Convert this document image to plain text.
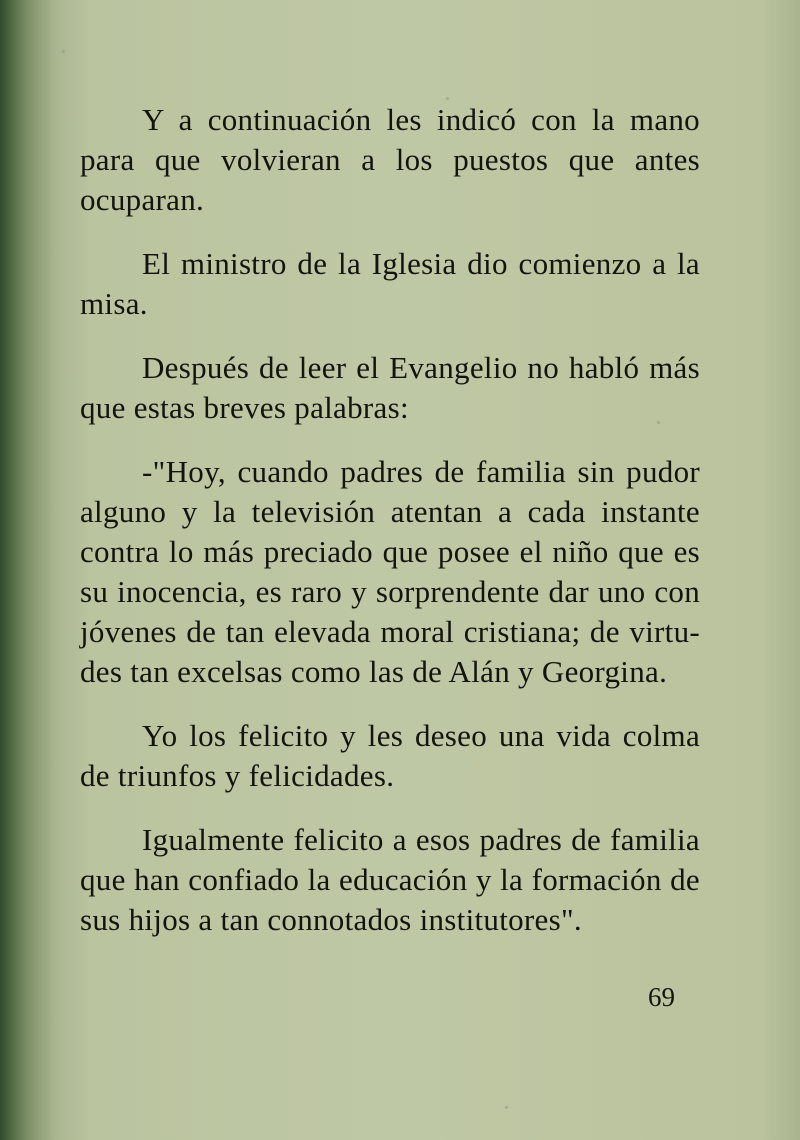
Y a continuación les indicó con la mano para que volvieran a los puestos que antes ocuparan.

El ministro de la Iglesia dio comienzo a la misa.

Después de leer el Evangelio no habló más que estas breves palabras:

-"Hoy, cuando padres de familia sin pudor alguno y la televisión atentan a cada instante contra lo más preciado que posee el niño que es su inocencia, es raro y sorprendente dar uno con jóvenes de tan elevada moral cristiana; de virtu-des tan excelsas como las de Alán y Georgina.

Yo los felicito y les deseo una vida colma de triunfos y felicidades.

Igualmente felicito a esos padres de familia que han confiado la educación y la formación de sus hijos a tan connotados institutores".

69
